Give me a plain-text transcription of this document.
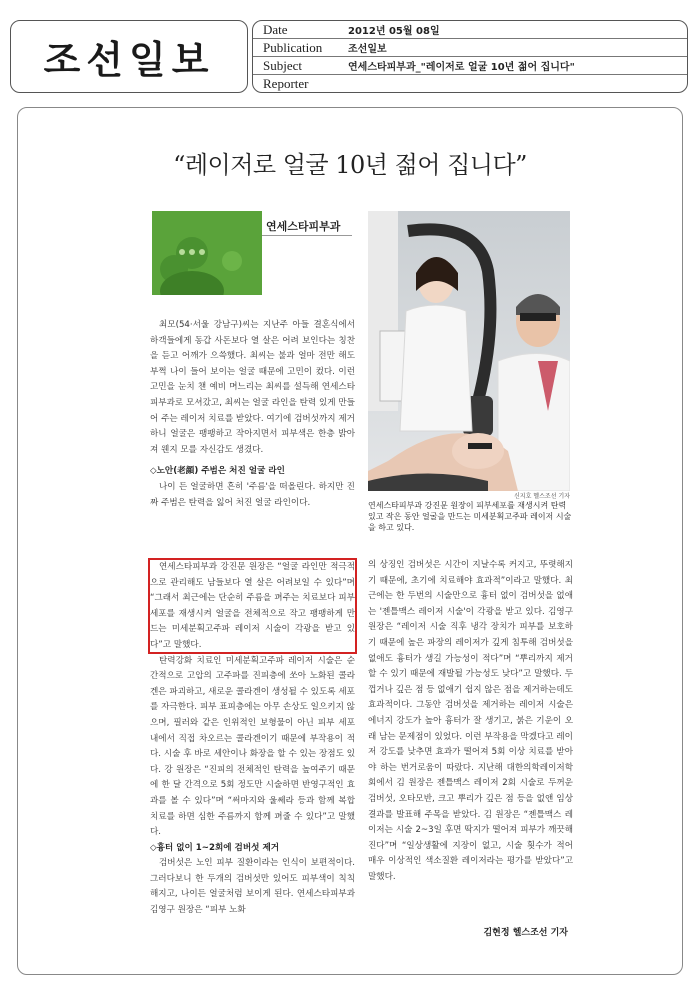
조선일보
Date	2012년 05월 08일
Publication	조선일보
Subject	연세스타피부과_"레이저로 얼굴 10년 젊어 집니다"
Reporter
“레이저로 얼굴 10년 젊어 집니다”
연세스타피부과
신지호 헬스조선 기자
연세스타피부과 강진문 원장이 피부세포를 재생시켜 탄력있고 작은 동안 얼굴을 만드는 미세분획고주파 레이저 시술을 하고 있다.

최모(54·서울 강남구)씨는 지난주 아들 결혼식에서 하객들에게 동갑 사돈보다 열 살은 어려 보인다는 칭찬을 듣고 어깨가 으쓱했다. 최씨는 불과 얼마 전만 해도 부쩍 나이 들어 보이는 얼굴 때문에 고민이 컸다. 이런 고민을 눈치 챈 예비 며느리는 최씨를 설득해 연세스타피부과로 모셔갔고, 최씨는 얼굴 라인을 탄력 있게 만들어 주는 레이저 치료를 받았다. 여기에 검버섯까지 제거하니 얼굴은 팽팽하고 작아지면서 피부색은 한층 밝아져 웬지 모를 자신감도 생겼다.

◇노안(老顔) 주범은 처진 얼굴 라인

나이 든 얼굴하면 흔히 '주름'을 떠올린다. 하지만 진짜 주범은 탄력을 잃어 처진 얼굴 라인이다.

연세스타피부과 강진문 원장은 “얼굴 라인만 적극적으로 관리해도 남들보다 열 살은 어려보일 수 있다”며 “그래서 최근에는 단순히 주름을 펴주는 치료보다 피부세포를 재생시켜 얼굴을 전체적으로 작고 팽팽하게 만드는 미세분획고주파 레이저 시술이 각광을 받고 있다”고 말했다.

탄력강화 치료인 미세분획고주파 레이저 시술은 순간적으로 고압의 고주파를 진피층에 쏘아 노화된 콜라겐은 파괴하고, 새로운 콜라겐이 생성될 수 있도록 세포를 자극한다. 피부 표피층에는 아무 손상도 일으키지 않으며, 필러와 같은 인위적인 보형물이 아닌 피부 세포 내에서 직접 차오르는 콜라겐이기 때문에 부작용이 적다. 시술 후 바로 세안이나 화장을 할 수 있는 장점도 있다. 강 원장은 “진피의 전체적인 탄력을 높여주기 때문에 한 달 간격으로 5회 정도만 시술하면 반영구적인 효과를 볼 수 있다”며 “써마지와 울쎄라 등과 함께 복합 치료를 하면 심한 주름까지 함께 펴줄 수 있다”고 말했다.

◇흉터 없이 1~2회에 검버섯 제거

검버섯은 노인 피부 질환이라는 인식이 보편적이다. 그러다보니 한 두개의 검버섯만 있어도 피부색이 칙칙해지고, 나이든 얼굴처럼 보이게 된다. 연세스타피부과 김영구 원장은 “피부 노화

의 상징인 검버섯은 시간이 지날수록 커지고, 뚜렷해지기 때문에, 초기에 치료해야 효과적”이라고 말했다. 최근에는 한 두번의 시술만으로 흉터 없이 검버섯을 없애는 '젠틀맥스 레이저 시술'이 각광을 받고 있다. 김영구 원장은 “레이저 시술 직후 냉각 장치가 피부를 보호하기 때문에 높은 파장의 레이저가 깊게 침투해 검버섯을 없애도 흉터가 생길 가능성이 적다”며 “뿌리까지 제거할 수 있기 때문에 재발될 가능성도 낮다”고 말했다. 두껍거나 깊은 점 등 없애기 쉽지 않은 점을 제거하는데도 효과적이다. 그동안 검버섯을 제거하는 레이저 시술은 에너지 강도가 높아 흉터가 잘 생기고, 붉은 기운이 오래 남는 문제점이 있었다. 이런 부작용을 막겠다고 레이저 강도를 낮추면 효과가 떨어져 5회 이상 치료를 받아야 하는 번거로움이 따랐다. 지난해 대한의학레이저학회에서 김 원장은 젠틀맥스 레이저 2회 시술로 두꺼운 검버섯, 오타모반, 크고 뿌리가 깊은 점 등을 없앤 임상 결과를 발표해 주목을 받았다. 김 원장은 “젠틀맥스 레이저는 시술 2~3일 후면 딱지가 떨어져 피부가 깨끗해진다”며 “일상생활에 지장이 없고, 시술 횟수가 적어 매우 이상적인 색소질환 레이저라는 평가를 받았다”고 말했다.

김현정 헬스조선 기자
